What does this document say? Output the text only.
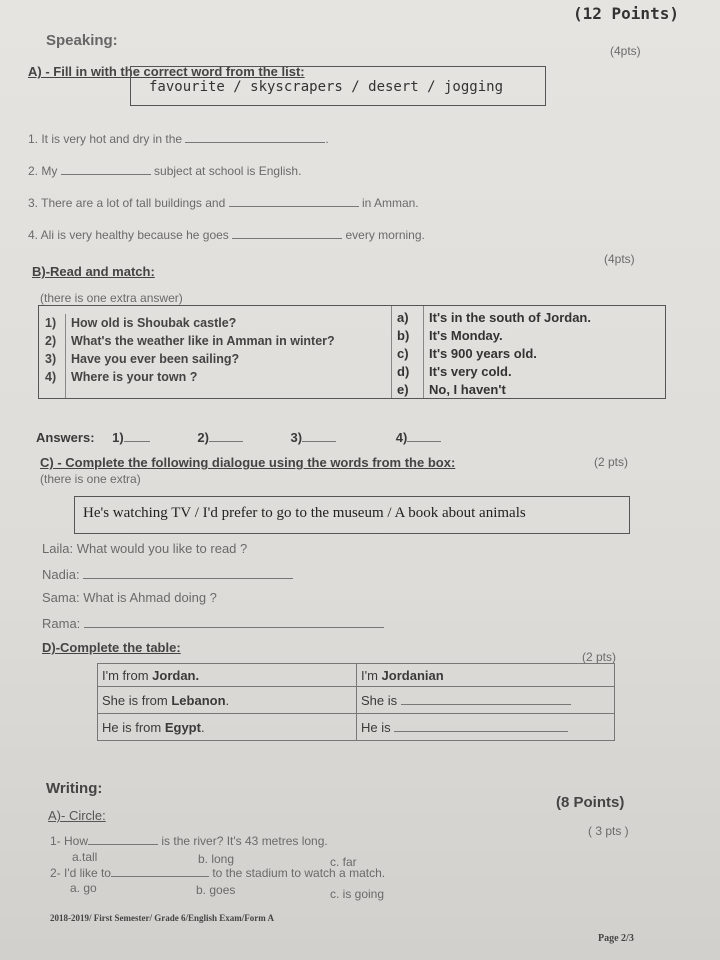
(12 Points)
Speaking:
(4pts)
A) - Fill in with the correct word from the list:
favourite / skyscrapers / desert / jogging
1. It is very hot and dry in the	.
2. My	subject at school is English.
3. There are a lot of tall buildings and	in Amman.
4. Ali is very healthy because he goes	every morning.
B)-Read and match:
(4pts)
(there is one extra answer)
1) How old is Shoubak castle?
2) What's the weather like in Amman in winter?
3) Have you ever been sailing?
4) Where is your town ?
a) It's in the south of Jordan.
b) It's Monday.
c) It's 900 years old.
d) It's very cold.
e) No, I haven't
Answers: 1)	2)	3)	4)
C) - Complete the following dialogue using the words from the box:	(2 pts)
(there is one extra)
He's watching TV / I'd prefer to go to the museum / A book about animals
Laila: What would you like to read ?
Nadia:
Sama: What is Ahmad doing ?
Rama:
D)-Complete the table:
(2 pts)
I'm from Jordan.	I'm Jordanian
She is from Lebanon.	She is
He is from Egypt.	He is
Writing:
(8 Points)
A)- Circle:
( 3 pts )
1- How	is the river? It's 43 metres long.
a.tall	b. long	c. far
2- I'd like to	to the stadium to watch a match.
a. go	b. goes	c. is going
2018-2019/ First Semester/ Grade 6/English Exam/Form A
Page 2/3
